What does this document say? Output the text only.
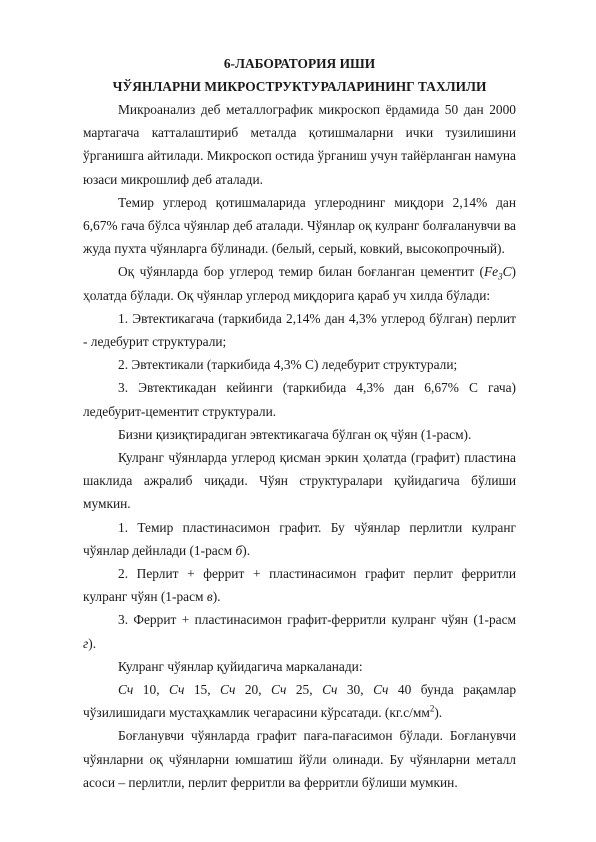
6-ЛАБОРАТОРИЯ ИШИ
ЧЎЯНЛАРНИ МИКРОСТРУКТУРАЛАРИНИНГ ТАХЛИЛИ

Микроанализ деб металлографик микроскоп ёрдамида 50 дан 2000 мартагача катталаштириб металда қотишмаларни ички тузилишини ўрганишга айтилади. Микроскоп остида ўрганиш учун тайёрланган намуна юзаси микрошлиф деб аталади.

Темир углерод қотишмаларида углероднинг миқдори 2,14% дан 6,67% гача бўлса чўянлар деб аталади. Чўянлар оқ кулранг болғаланувчи ва жуда пухта чўянларга бўлинади. (белый, серый, ковкий, высокопрочный).

Оқ чўянларда бор углерод темир билан боғланган цементит $(Fe_3C)$ ҳолатда бўлади. Оқ чўянлар углерод миқдорига қараб уч хилда бўлади:

1. Эвтектикагача (таркибида 2,14% дан 4,3% углерод бўлган) перлит - ледебурит структурали;

2. Эвтектикали (таркибида 4,3% С) ледебурит структурали;

3. Эвтектикадан кейинги (таркибида 4,3% дан 6,67% С гача) ледебурит-цементит структурали.

Бизни қизиқтирадиган эвтектикагача бўлган оқ чўян (1-расм).

Кулранг чўянларда углерод қисман эркин ҳолатда (графит) пластина шаклида ажралиб чиқади. Чўян структуралари қуйидагича бўлиши мумкин.

1. Темир пластинасимон графит. Бу чўянлар перлитли кулранг чўянлар дейнлади (1-расм б).

2. Перлит + феррит + пластинасимон графит перлит ферритли кулранг чўян (1-расм в).

3. Феррит + пластинасимон графит-ферритли кулранг чўян (1-расм г).

Кулранг чўянлар қуйидагича маркаланади:

Сч 10, Сч 15, Сч 20, Сч 25, Сч 30, Сч 40 бунда рақамлар чўзилишидаги мустаҳкамлик чегарасини кўрсатади. $(кг.с/мм^2)$.

Боғланувчи чўянларда графит паға-пағасимон бўлади. Боғланувчи чўянларни оқ чўянларни юмшатиш йўли олинади. Бу чўянларни металл асоси – перлитли, перлит ферритли ва ферритли бўлиши мумкин.
